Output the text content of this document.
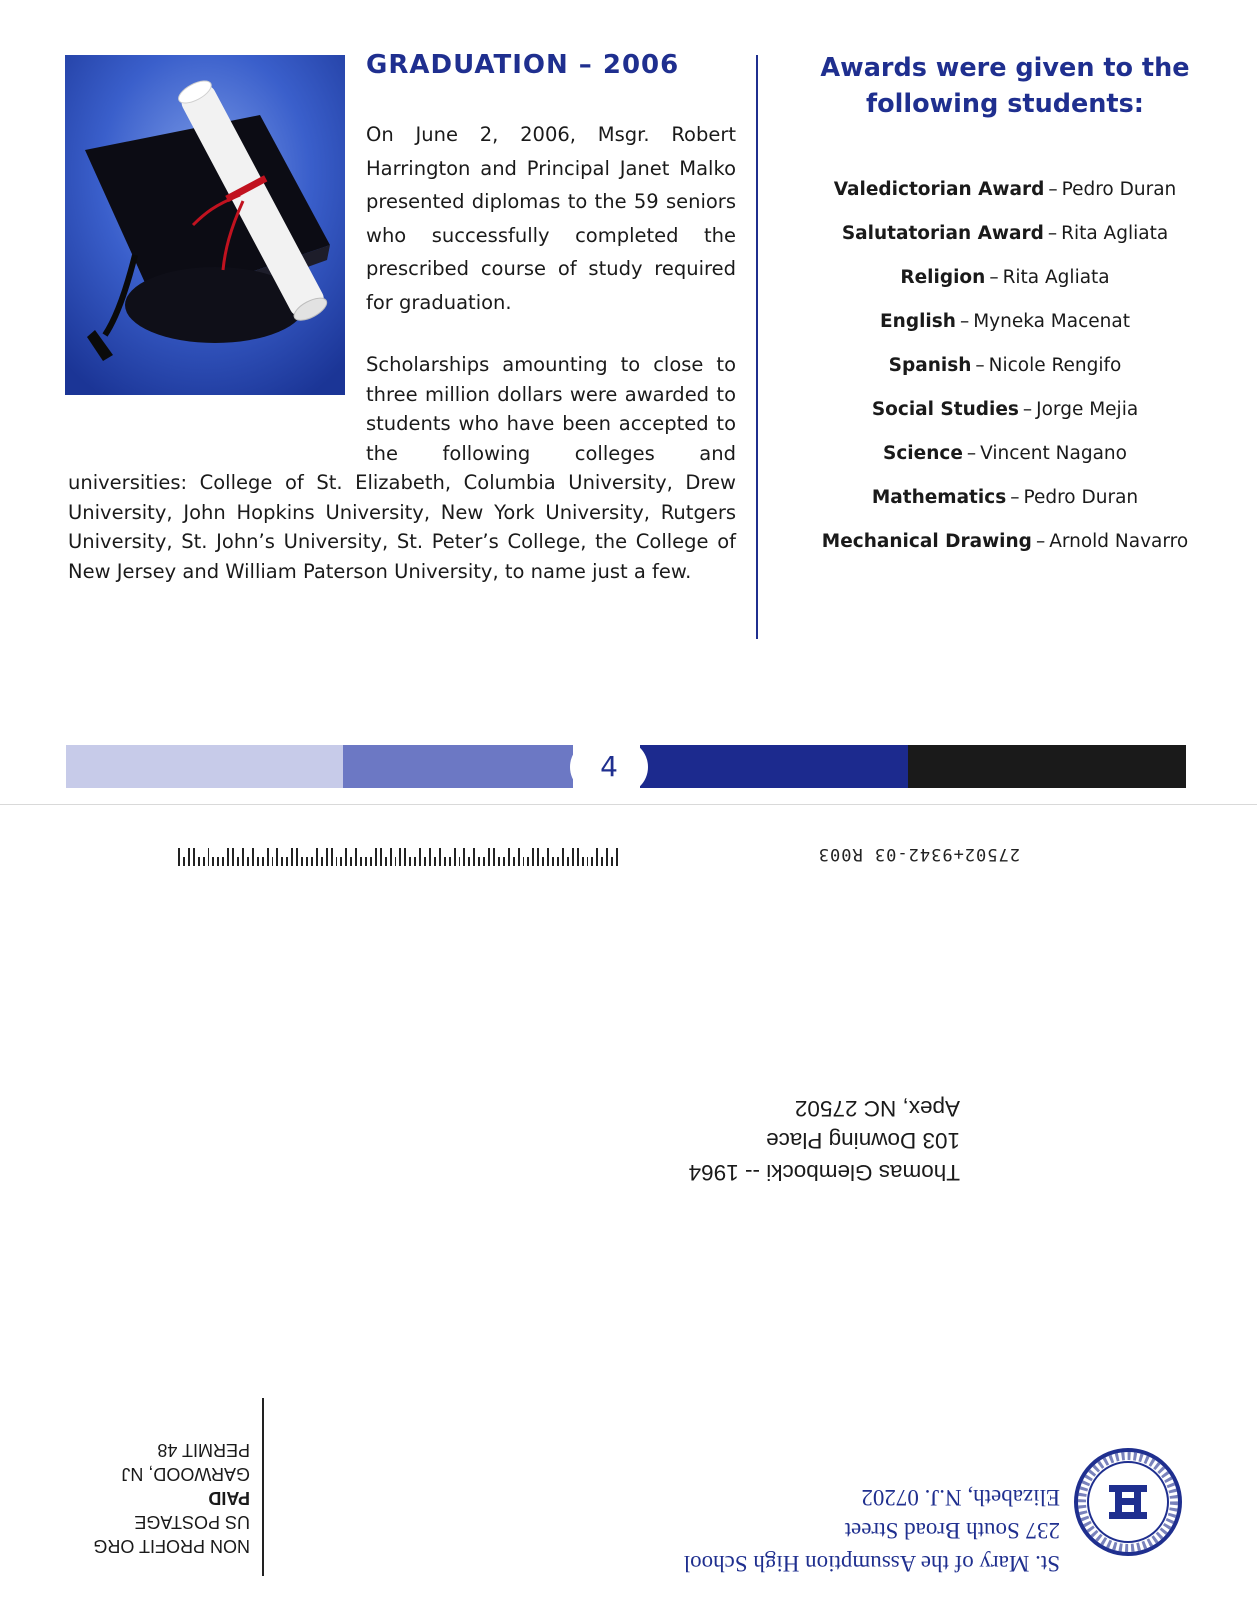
GRADUATION – 2006

On June 2, 2006, Msgr. Robert Harrington and Principal Janet Malko presented diplomas to the 59 seniors who successfully completed the prescribed course of study required for graduation.

Scholarships amounting to close to three million dollars were awarded to students who have been accepted to the following colleges and universities: College of St. Elizabeth, Columbia University, Drew University, John Hopkins University, New York University, Rutgers University, St. John’s University, St. Peter’s College, the College of New Jersey and William Paterson University, to name just a few.

Awards were given to the following students:
Valedictorian Award – Pedro Duran
Salutatorian Award – Rita Agliata
Religion – Rita Agliata
English – Myneka Macenat
Spanish – Nicole Rengifo
Social Studies – Jorge Mejia
Science – Vincent Nagano
Mathematics – Pedro Duran
Mechanical Drawing – Arnold Navarro
4
27502+9342-03 R003
Thomas Glembocki -- 1964
103 Downing Place
Apex, NC 27502
St. Mary of the Assumption High School
237 South Broad Street
Elizabeth, N.J. 07202
NON PROFIT ORG
US POSTAGE
PAID
GARWOOD, NJ
PERMIT 48
